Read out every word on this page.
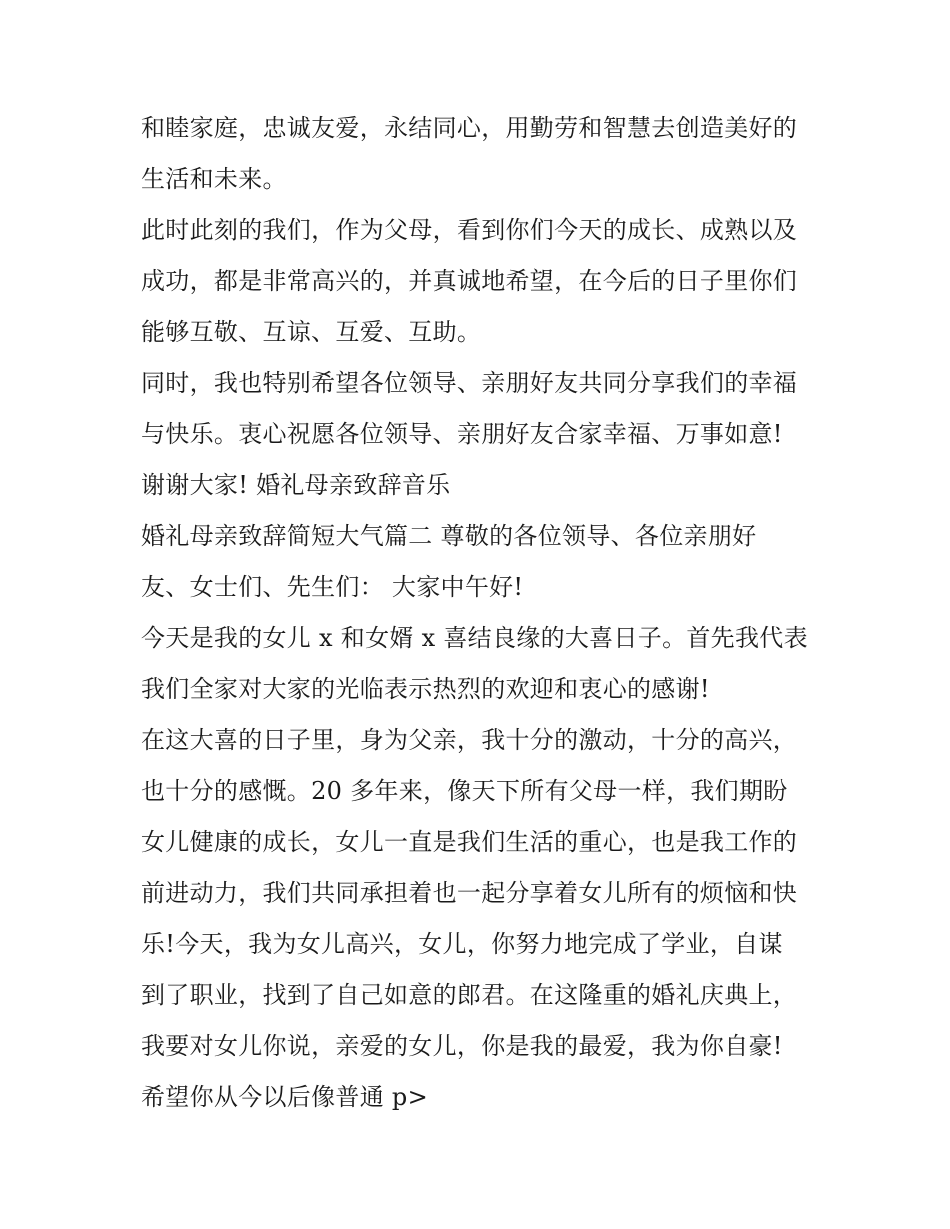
和睦家庭，忠诚友爱，永结同心，用勤劳和智慧去创造美好的
生活和未来。
此时此刻的我们，作为父母，看到你们今天的成长、成熟以及
成功，都是非常高兴的，并真诚地希望，在今后的日子里你们
能够互敬、互谅、互爱、互助。
同时，我也特别希望各位领导、亲朋好友共同分享我们的幸福
与快乐。衷心祝愿各位领导、亲朋好友合家幸福、万事如意!
谢谢大家! 婚礼母亲致辞音乐
婚礼母亲致辞简短大气篇二 尊敬的各位领导、各位亲朋好
友、女士们、先生们： 大家中午好!
今天是我的女儿 x 和女婿 x 喜结良缘的大喜日子。首先我代表
我们全家对大家的光临表示热烈的欢迎和衷心的感谢!
在这大喜的日子里，身为父亲，我十分的激动，十分的高兴，
也十分的感慨。20 多年来，像天下所有父母一样，我们期盼
女儿健康的成长，女儿一直是我们生活的重心，也是我工作的
前进动力，我们共同承担着也一起分享着女儿所有的烦恼和快
乐!今天，我为女儿高兴，女儿，你努力地完成了学业，自谋
到了职业，找到了自己如意的郎君。在这隆重的婚礼庆典上，
我要对女儿你说，亲爱的女儿，你是我的最爱，我为你自豪!
希望你从今以后像普通 p>
